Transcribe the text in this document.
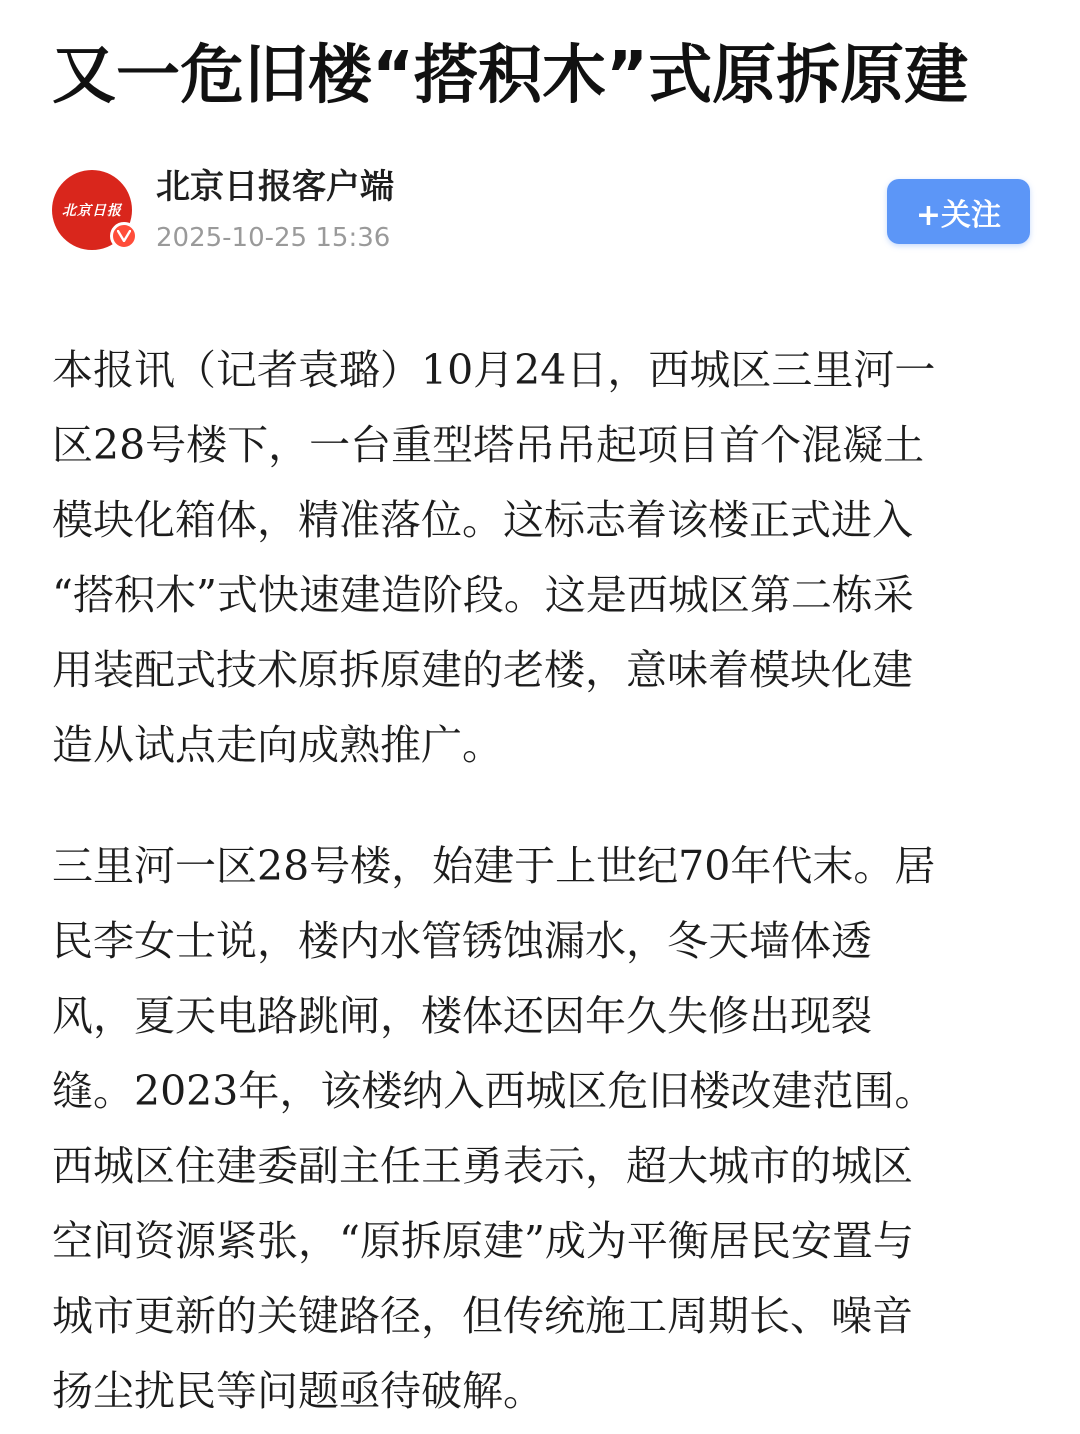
又一危旧楼“搭积木”式原拆原建
北京日报
北京日报客户端
2025-10-25 15:36
+关注

本报讯（记者袁璐）10月24日，西城区三里河一
区28号楼下，一台重型塔吊吊起项目首个混凝土
模块化箱体，精准落位。这标志着该楼正式进入
“搭积木”式快速建造阶段。这是西城区第二栋采
用装配式技术原拆原建的老楼，意味着模块化建
造从试点走向成熟推广。

三里河一区28号楼，始建于上世纪70年代末。居
民李女士说，楼内水管锈蚀漏水，冬天墙体透
风，夏天电路跳闸，楼体还因年久失修出现裂
缝。2023年，该楼纳入西城区危旧楼改建范围。
西城区住建委副主任王勇表示，超大城市的城区
空间资源紧张，“原拆原建”成为平衡居民安置与
城市更新的关键路径，但传统施工周期长、噪音
扬尘扰民等问题亟待破解。
